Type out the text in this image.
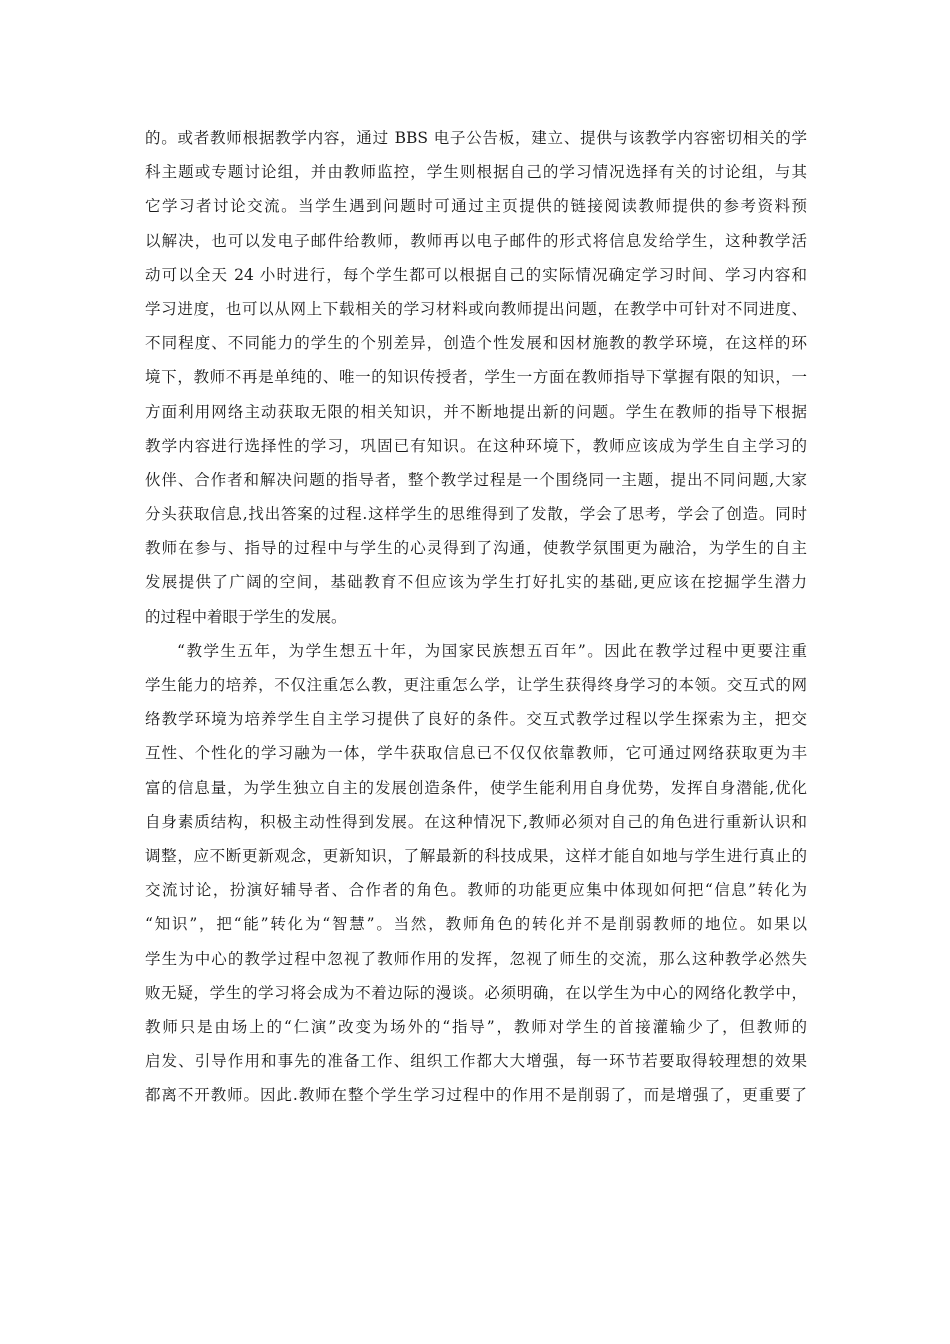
的。或者教师根据教学内容，通过 BBS 电子公告板，建立、提供与该教学内容密切相关的学
科主题或专题讨论组，并由教师监控，学生则根据自己的学习情况选择有关的讨论组，与其
它学习者讨论交流。当学生遇到问题时可通过主页提供的链接阅读教师提供的参考资料预
以解决，也可以发电子邮件给教师，教师再以电子邮件的形式将信息发给学生，这种教学活
动可以全天 24 小时进行，每个学生都可以根据自己的实际情况确定学习时间、学习内容和
学习进度，也可以从网上下载相关的学习材料或向教师提出问题，在教学中可针对不同进度、
不同程度、不同能力的学生的个别差异，创造个性发展和因材施教的教学环境，在这样的环
境下，教师不再是单纯的、唯一的知识传授者，学生一方面在教师指导下掌握有限的知识，一
方面利用网络主动获取无限的相关知识，并不断地提出新的问题。学生在教师的指导下根据
教学内容进行选择性的学习，巩固已有知识。在这种环境下，教师应该成为学生自主学习的
伙伴、合作者和解决问题的指导者，整个教学过程是一个围绕同一主题，提出不同问题,大家
分头获取信息,找出答案的过程.这样学生的思维得到了发散，学会了思考，学会了创造。同时
教师在参与、指导的过程中与学生的心灵得到了沟通，使教学氛围更为融洽，为学生的自主
发展提供了广阔的空间，基础教育不但应该为学生打好扎实的基础,更应该在挖掘学生潜力
的过程中着眼于学生的发展。
“教学生五年，为学生想五十年，为国家民族想五百年”。因此在教学过程中更要注重
学生能力的培养，不仅注重怎么教，更注重怎么学，让学生获得终身学习的本领。交互式的网
络教学环境为培养学生自主学习提供了良好的条件。交互式教学过程以学生探索为主，把交
互性、个性化的学习融为一体，学牛获取信息已不仅仅依靠教师，它可通过网络获取更为丰
富的信息量，为学生独立自主的发展创造条件，使学生能利用自身优势，发挥自身潜能,优化
自身素质结构，积极主动性得到发展。在这种情况下,教师必须对自己的角色进行重新认识和
调整，应不断更新观念，更新知识，了解最新的科技成果，这样才能自如地与学生进行真止的
交流讨论，扮演好辅导者、合作者的角色。教师的功能更应集中体现如何把“信息”转化为
“知识”，把“能”转化为“智慧”。当然，教师角色的转化并不是削弱教师的地位。如果以
学生为中心的教学过程中忽视了教师作用的发挥，忽视了师生的交流，那么这种教学必然失
败无疑，学生的学习将会成为不着边际的漫谈。必须明确，在以学生为中心的网络化教学中，
教师只是由场上的“仁演”改变为场外的“指导”，教师对学生的首接灌输少了，但教师的
启发、引导作用和事先的准备工作、组织工作都大大增强，每一环节若要取得较理想的效果
都离不开教师。因此.教师在整个学生学习过程中的作用不是削弱了，而是增强了，更重要了
